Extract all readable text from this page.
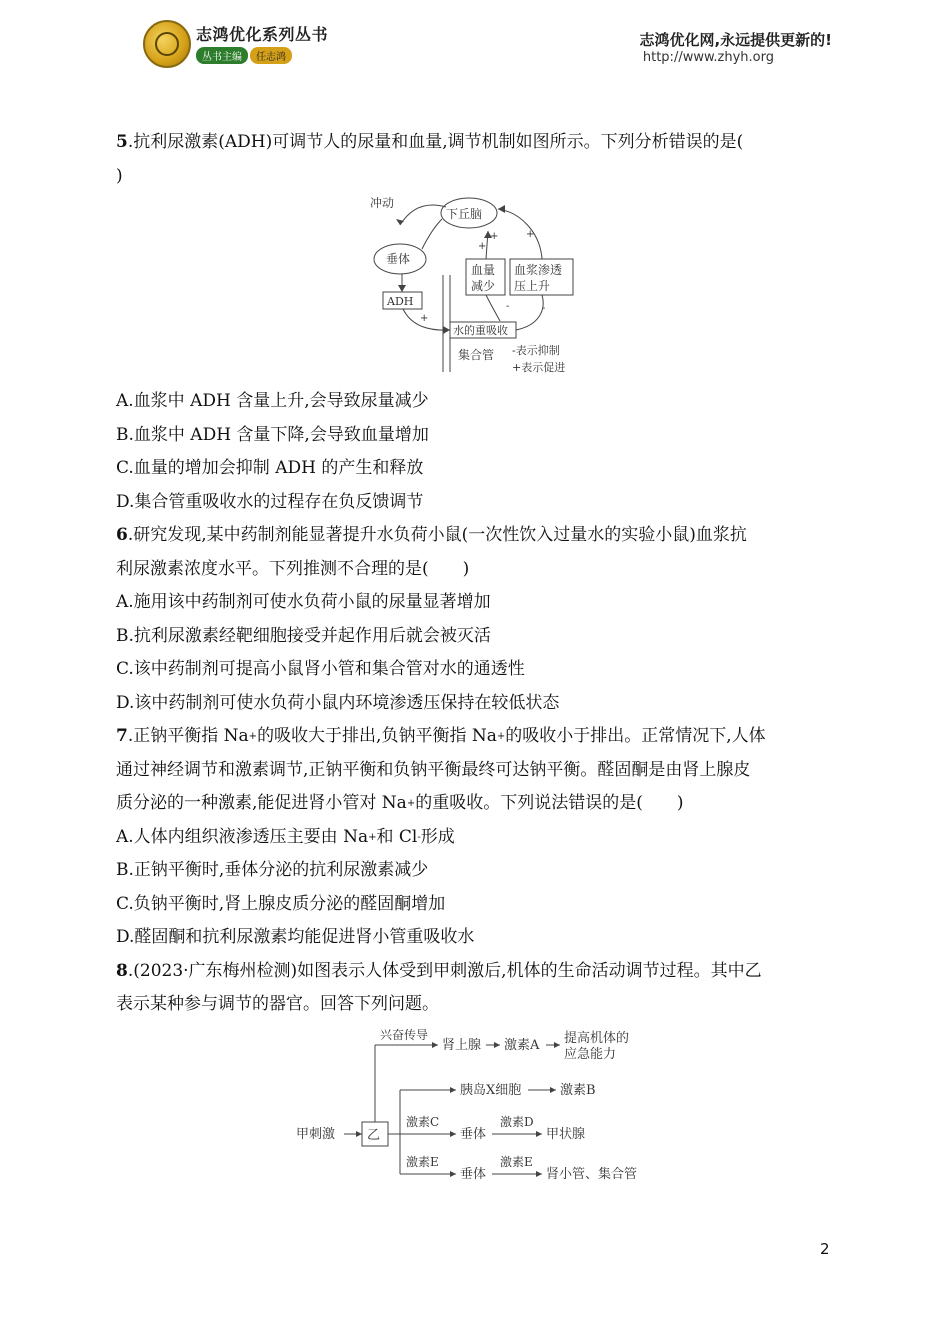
志鸿优化系列丛书
丛书主编 任志鸿
志鸿优化网,永远提供更新的!
http://www.zhyh.org

5.抗利尿激素(ADH)可调节人的尿量和血量,调节机制如图所示。下列分析错误的是(

)

冲动
下丘脑
垂体
ADH
血量
减少
血浆渗透
压上升
水的重吸收
集合管 -表示抑制
+表示促进
+
+
+	+
-	-

A.血浆中 ADH 含量上升,会导致尿量减少

B.血浆中 ADH 含量下降,会导致血量增加

C.血量的增加会抑制 ADH 的产生和释放

D.集合管重吸收水的过程存在负反馈调节

6.研究发现,某中药制剂能显著提升水负荷小鼠(一次性饮入过量水的实验小鼠)血浆抗

利尿激素浓度水平。下列推测不合理的是(　　)

A.施用该中药制剂可使水负荷小鼠的尿量显著增加

B.抗利尿激素经靶细胞接受并起作用后就会被灭活

C.该中药制剂可提高小鼠肾小管和集合管对水的通透性

D.该中药制剂可使水负荷小鼠内环境渗透压保持在较低状态

7.正钠平衡指 Na+的吸收大于排出,负钠平衡指 Na+的吸收小于排出。正常情况下,人体

通过神经调节和激素调节,正钠平衡和负钠平衡最终可达钠平衡。醛固酮是由肾上腺皮

质分泌的一种激素,能促进肾小管对 Na+的重吸收。下列说法错误的是(　　)

A.人体内组织液渗透压主要由 Na+和 Cl-形成

B.正钠平衡时,垂体分泌的抗利尿激素减少

C.负钠平衡时,肾上腺皮质分泌的醛固酮增加

D.醛固酮和抗利尿激素均能促进肾小管重吸收水

8.(2023·广东梅州检测)如图表示人体受到甲刺激后,机体的生命活动调节过程。其中乙

表示某种参与调节的器官。回答下列问题。

兴奋传导
肾上腺 激素A 提高机体的
应急能力
胰岛X细胞	激素B
甲刺激 乙
激素C
垂体
激素D
甲状腺
激素E
垂体
激素E
肾小管、集合管
2
